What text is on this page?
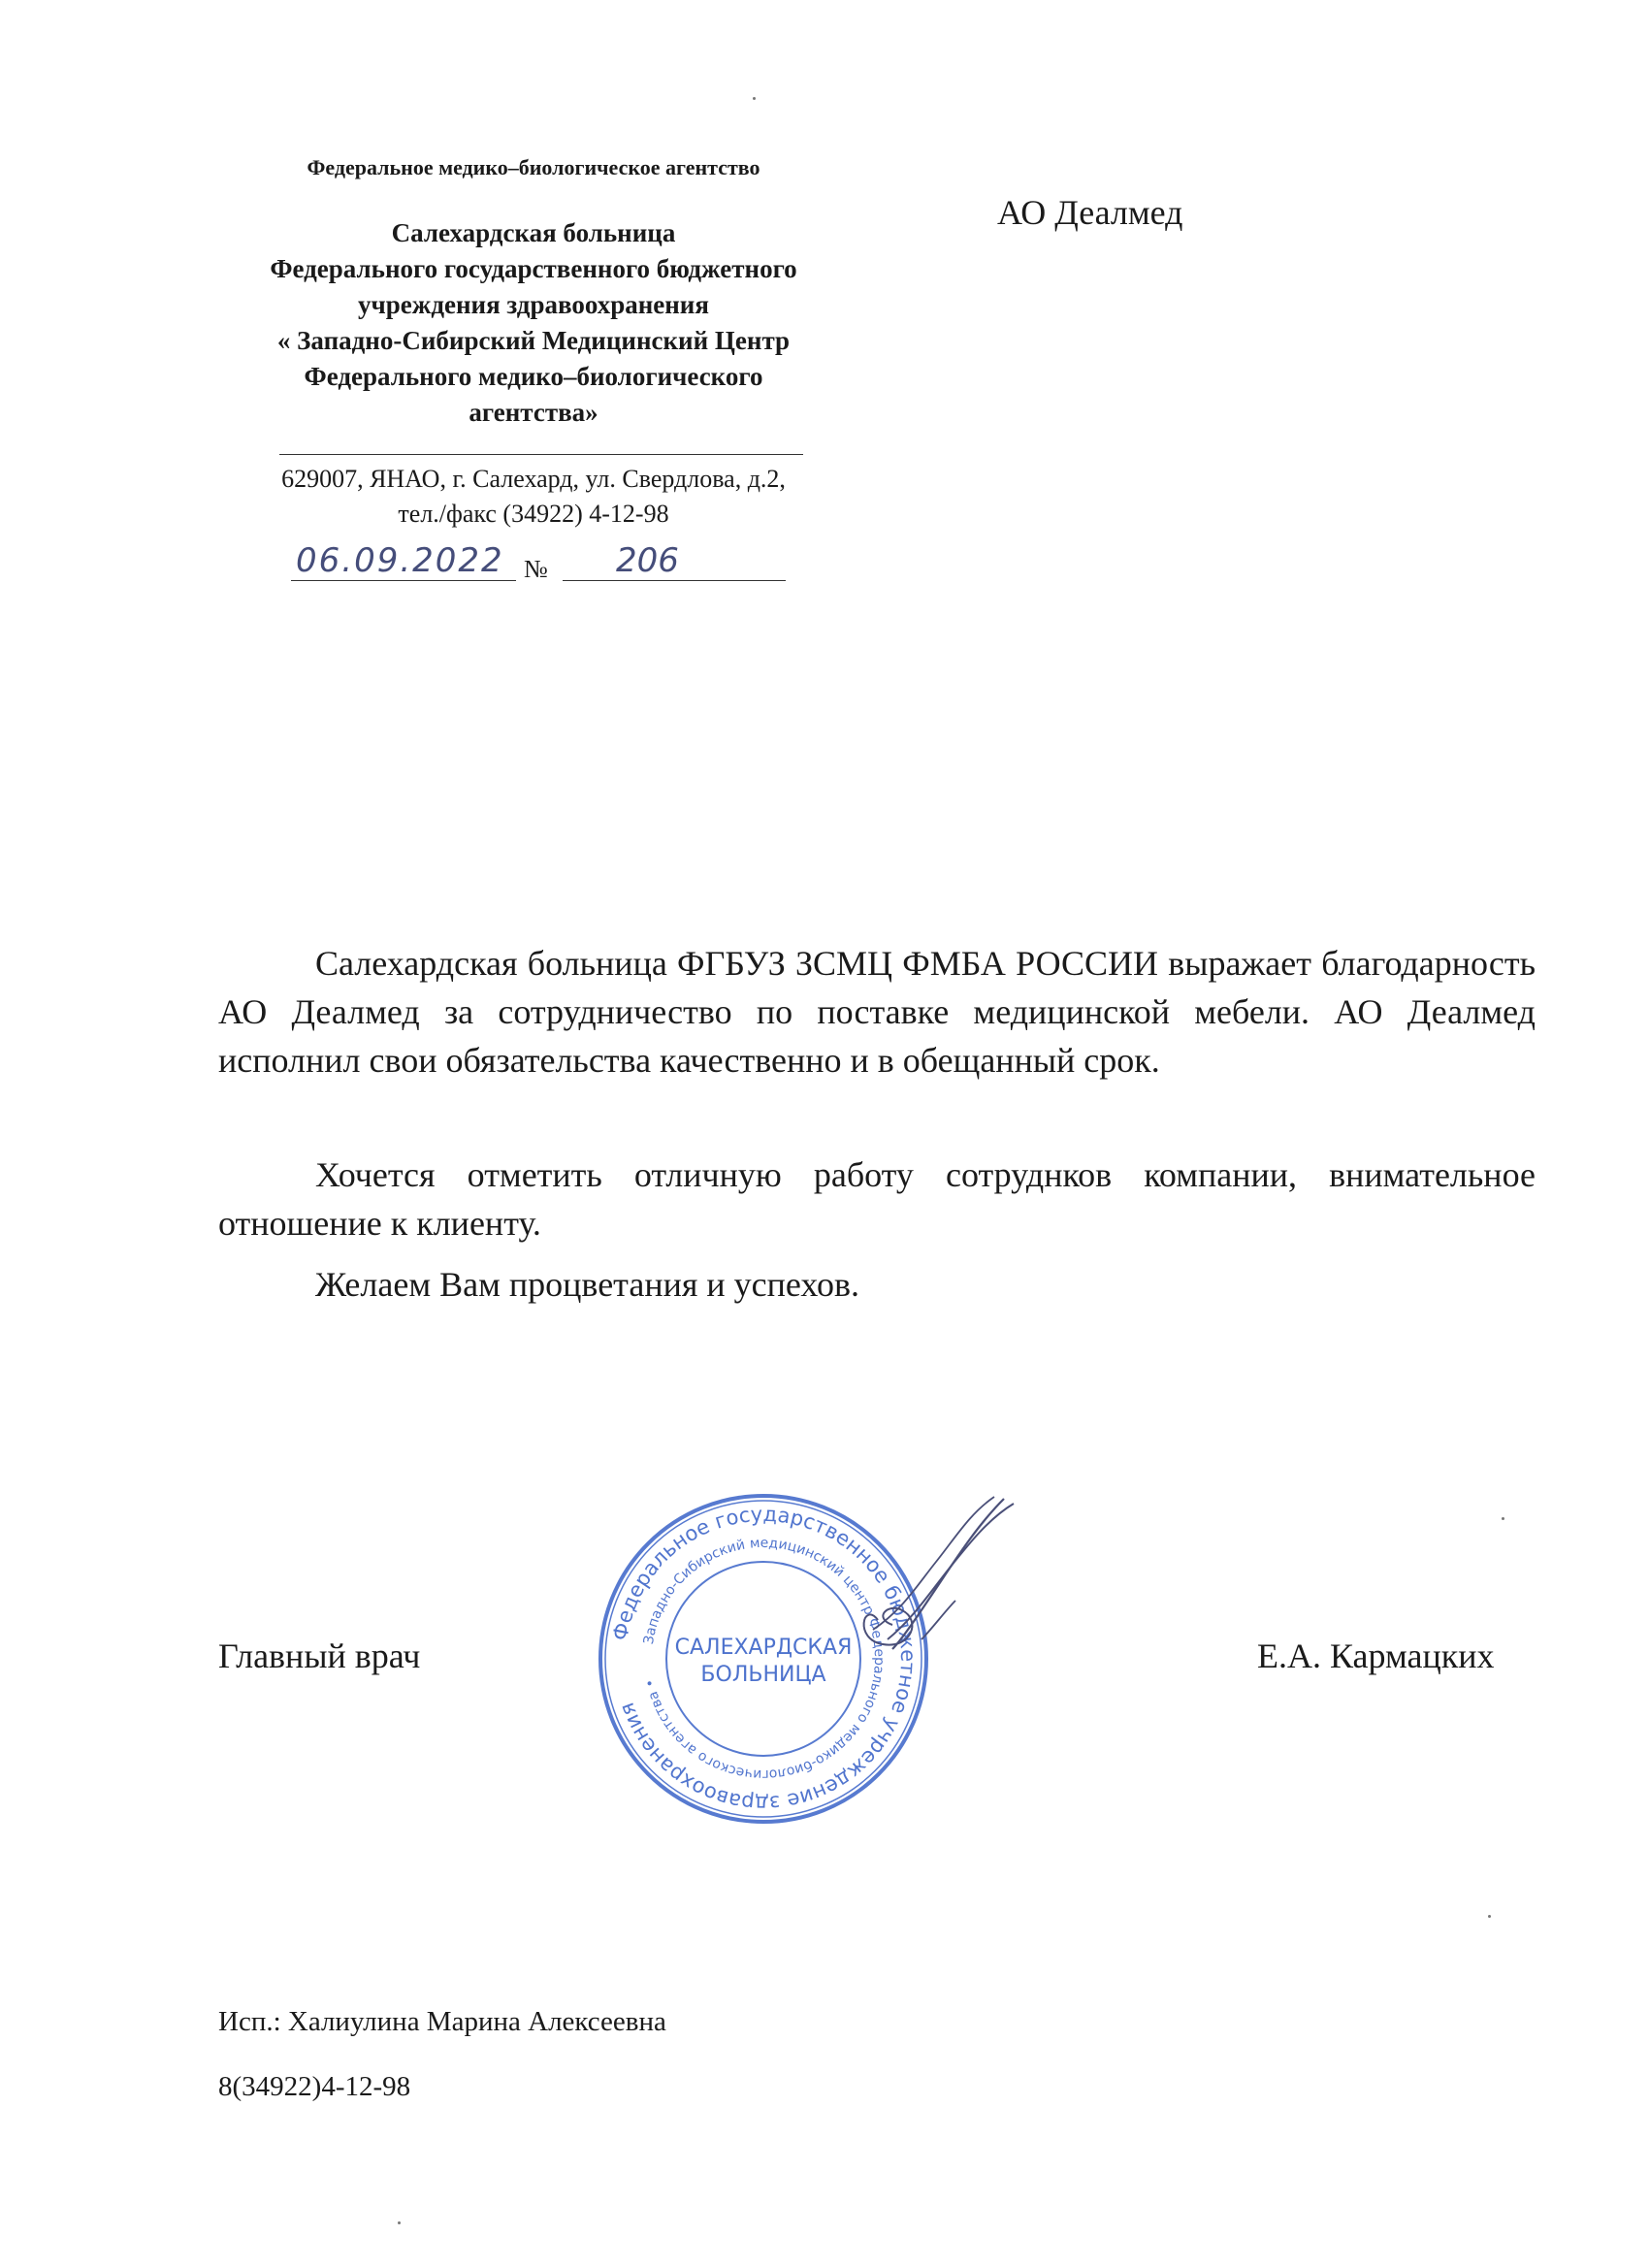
Федеральное медико–биологическое агентство
Салехардская больница
Федерального государственного бюджетного
учреждения здравоохранения
« Западно-Сибирский Медицинский Центр
Федерального медико–биологического
агентства»
629007, ЯНАО, г. Салехард, ул. Свердлова, д.2,
тел./факс (34922) 4-12-98
06.09.2022 № 206
АО Деалмед
Салехардская больница ФГБУЗ ЗСМЦ ФМБА РОССИИ выражает благодарность АО Деалмед за сотрудничество по поставке медицинской мебели. АО Деалмед исполнил свои обязательства качественно и в обещанный срок.
Хочется отметить отличную работу сотруднков компании, внимательное отношение к клиенту.
Желаем Вам процветания и успехов.
Главный врач	Е.А. Кармацких
Федеральное государственное бюджетное учреждение здравоохранения
Западно-Сибирский медицинский центр Федерального медико-биологического агентства •
САЛЕХАРДСКАЯ
БОЛЬНИЦА
Исп.: Халиулина Марина Алексеевна
8(34922)4-12-98
